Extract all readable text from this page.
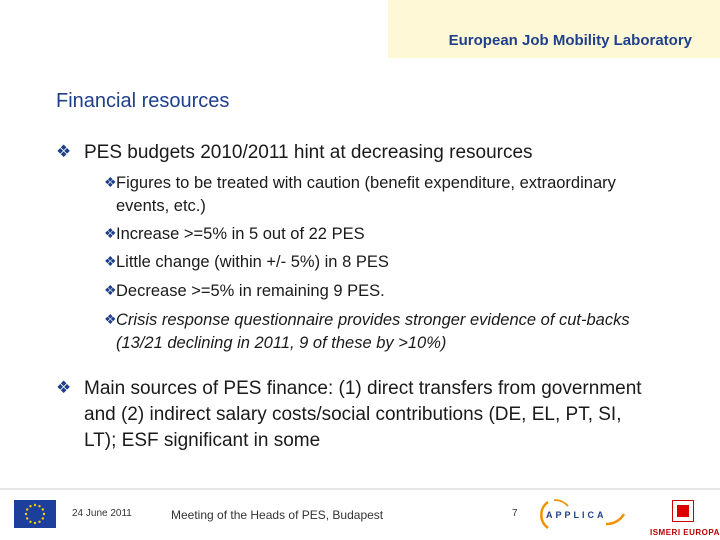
European Job Mobility Laboratory
Financial resources
❖ PES budgets 2010/2011 hint at decreasing resources
❖ Figures to be treated with caution (benefit expenditure, extraordinary events, etc.)
❖ Increase >=5% in 5 out of 22 PES
❖ Little change (within +/- 5%) in 8 PES
❖ Decrease >=5% in remaining 9 PES.
❖ Crisis response questionnaire provides stronger evidence of cut-backs (13/21 declining in 2011, 9 of these by >10%)
❖ Main sources of PES finance: (1) direct transfers from government and (2) indirect salary costs/social contributions (DE, EL, PT, SI, LT); ESF significant in some
24 June 2011	Meeting of the Heads of PES, Budapest	7	APPLICA
ISMERI EUROPA
